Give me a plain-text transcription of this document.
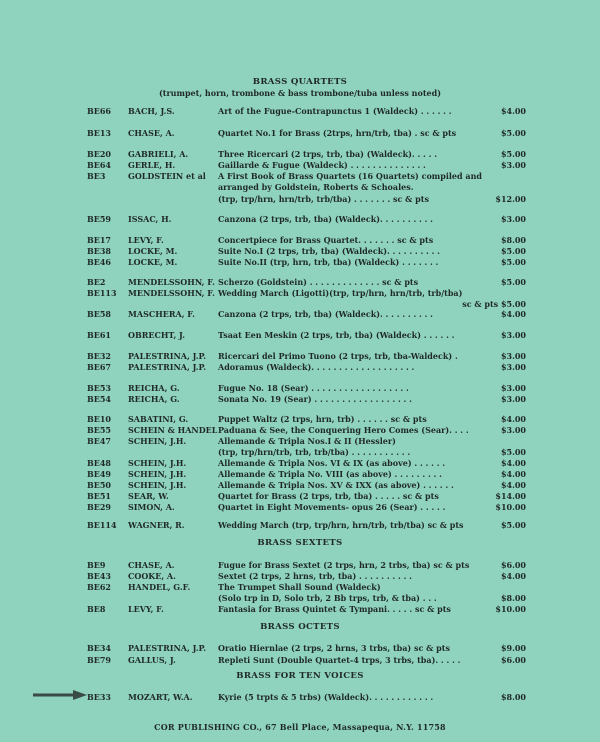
BRASS QUARTETS
(trumpet, horn, trombone & bass trombone/tuba unless noted)
BE66 BACH, J.S.	Art of the Fugue-Contrapunctus 1 (Waldeck) . . . . . .	$4.00
BE13 CHASE, A.	Quartet No.1 for Brass (2trps, hrn/trb, tba) . sc & pts	$5.00
BE20 GABRIELI, A.	Three Ricercari (2 trps, trb, tba) (Waldeck). . . . .	$5.00
BE64 GERLE, H.	Gaillarde & Fugue (Waldeck) . . . . . . . . . . . . . .	$3.00
BE3	GOLDSTEIN et al A First Book of Brass Quartets (16 Quartets) compiled and
arranged by Goldstein, Roberts & Schoales.
(trp, trp/hrn, hrn/trb, trb/tba) . . . . . . . sc & pts	$12.00
BE59 ISSAC, H.	Canzona (2 trps, trb, tba) (Waldeck). . . . . . . . . .	$3.00
BE17 LEVY, F.	Concertpiece for Brass Quartet. . . . . . . sc & pts	$8.00
BE38 LOCKE, M.	Suite No.I (2 trps, trb, tba) (Waldeck). . . . . . . . . .	$5.00
BE46 LOCKE, M.	Suite No.II (trp, hrn, trb, tba) (Waldeck) . . . . . . .	$5.00
BE2	MENDELSSOHN, F. Scherzo (Goldstein) . . . . . . . . . . . . . sc & pts	$5.00
BE113 MENDELSSOHN, F. Wedding March (Ligotti)(trp, trp/hrn, hrn/trb, trb/tba)
sc & pts $5.00
BE58 MASCHERA, F.	Canzona (2 trps, trb, tba) (Waldeck). . . . . . . . . .	$4.00
BE61 OBRECHT, J.	Tsaat Een Meskin (2 trps, trb, tba) (Waldeck) . . . . . .	$3.00
BE32 PALESTRINA, J.P. Ricercari del Primo Tuono (2 trps, trb, tba-Waldeck) .	$3.00
BE67 PALESTRINA, J.P. Adoramus (Waldeck). . . . . . . . . . . . . . . . . . .	$3.00
BE53 REICHA, G.	Fugue No. 18 (Sear) . . . . . . . . . . . . . . . . . .	$3.00
BE54 REICHA, G.	Sonata No. 19 (Sear) . . . . . . . . . . . . . . . . . .	$3.00
BE10 SABATINI, G.	Puppet Waltz (2 trps, hrn, trb) . . . . . . sc & pts	$4.00
BE55 SCHEIN & HANDEL Paduana & See, the Conquering Hero Comes (Sear). . . .	$3.00
BE47 SCHEIN, J.H.	Allemande & Tripla Nos.I & II (Hessler)
(trp, trp/hrn/trb, trb, trb/tba) . . . . . . . . . . .	$5.00
BE48 SCHEIN, J.H.	Allemande & Tripla Nos. VI & IX (as above) . . . . . .	$4.00
BE49 SCHEIN, J.H.	Allemande & Tripla No. VIII (as above) . . . . . . . . .	$4.00
BE50 SCHEIN, J.H.	Allemande & Tripla Nos. XV & IXX (as above) . . . . . .	$4.00
BE51 SEAR, W.	Quartet for Brass (2 trps, trb, tba) . . . . . sc & pts	$14.00
BE29 SIMON, A.	Quartet in Eight Movements- opus 26 (Sear) . . . . .	$10.00
BE114 WAGNER, R.	Wedding March (trp, trp/hrn, hrn/trb, trb/tba) sc & pts	$5.00
BRASS SEXTETS
BE9	CHASE, A.	Fugue for Brass Sextet (2 trps, hrn, 2 trbs, tba) sc & pts	$6.00
BE43 COOKE, A.	Sextet (2 trps, 2 hrns, trb, tba) . . . . . . . . . .	$4.00
BE62 HANDEL, G.F.	The Trumpet Shall Sound (Waldeck)
(Solo trp in D, Solo trb, 2 Bb trps, trb, & tba) . . .	$8.00
BE8	LEVY, F.	Fantasia for Brass Quintet & Tympani. . . . . sc & pts	$10.00
BRASS OCTETS
BE34 PALESTRINA, J.P. Oratio Hiernlae (2 trps, 2 hrns, 3 trbs, tba) sc & pts	$9.00
BE79 GALLUS, J.	Repleti Sunt (Double Quartet-4 trps, 3 trbs, tba). . . . .	$6.00
BRASS FOR TEN VOICES
BE33 MOZART, W.A.	Kyrie (5 trpts & 5 trbs) (Waldeck). . . . . . . . . . . .	$8.00
COR PUBLISHING CO., 67 Bell Place, Massapequa, N.Y. 11758
